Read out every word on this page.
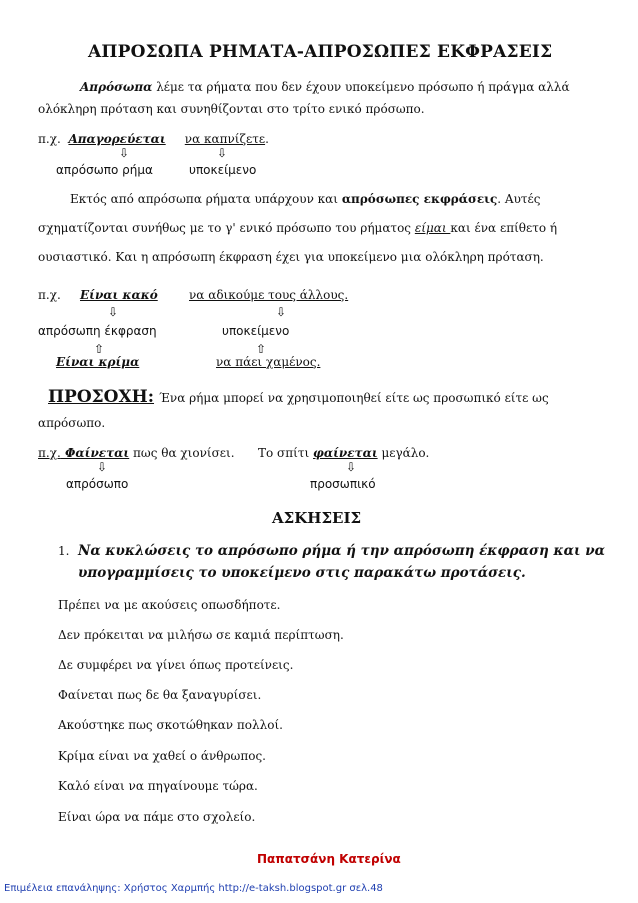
ΑΠΡΟΣΩΠΑ ΡΗΜΑΤΑ-ΑΠΡΟΣΩΠΕΣ ΕΚΦΡΑΣΕΙΣ
Απρόσωπα λέμε τα ρήματα που δεν έχουν υποκείμενο πρόσωπο ή πράγμα αλλά
ολόκληρη πρόταση και συνηθίζονται στο τρίτο ενικό πρόσωπο.
π.χ. Απαγορεύεται να καπνίζετε.
⇩	⇩
απρόσωπο ρήμα	υποκείμενο
Εκτός από απρόσωπα ρήματα υπάρχουν και απρόσωπες εκφράσεις. Αυτές
σχηματίζονται συνήθως με το γ' ενικό πρόσωπο του ρήματος είμαι και ένα επίθετο ή
ουσιαστικό. Και η απρόσωπη έκφραση έχει για υποκείμενο μια ολόκληρη πρόταση.
π.χ. Είναι κακό	να αδικούμε τους άλλους.
⇩	⇩
απρόσωπη έκφραση	υποκείμενο
⇧	⇧
Είναι κρίμα	να πάει χαμένος.
ΠΡΟΣΟΧΗ: Ένα ρήμα μπορεί να χρησιμοποιηθεί είτε ως προσωπικό είτε ως
απρόσωπο.
π.χ. Φαίνεται πως θα χιονίσει. Το σπίτι φαίνεται μεγάλο.
⇩	⇩
απρόσωπο	προσωπικό
ΑΣΚΗΣΕΙΣ
1. Να κυκλώσεις το απρόσωπο ρήμα ή την απρόσωπη έκφραση και να
υπογραμμίσεις το υποκείμενο στις παρακάτω προτάσεις.
Πρέπει να με ακούσεις οπωσδήποτε.
Δεν πρόκειται να μιλήσω σε καμιά περίπτωση.
Δε συμφέρει να γίνει όπως προτείνεις.
Φαίνεται πως δε θα ξαναγυρίσει.
Ακούστηκε πως σκοτώθηκαν πολλοί.
Κρίμα είναι να χαθεί ο άνθρωπος.
Καλό είναι να πηγαίνουμε τώρα.
Είναι ώρα να πάμε στο σχολείο.
Παπατσάνη Κατερίνα
Επιμέλεια επανάληψης: Χρήστος Χαρμπής http://e-taksh.blogspot.gr σελ.48
